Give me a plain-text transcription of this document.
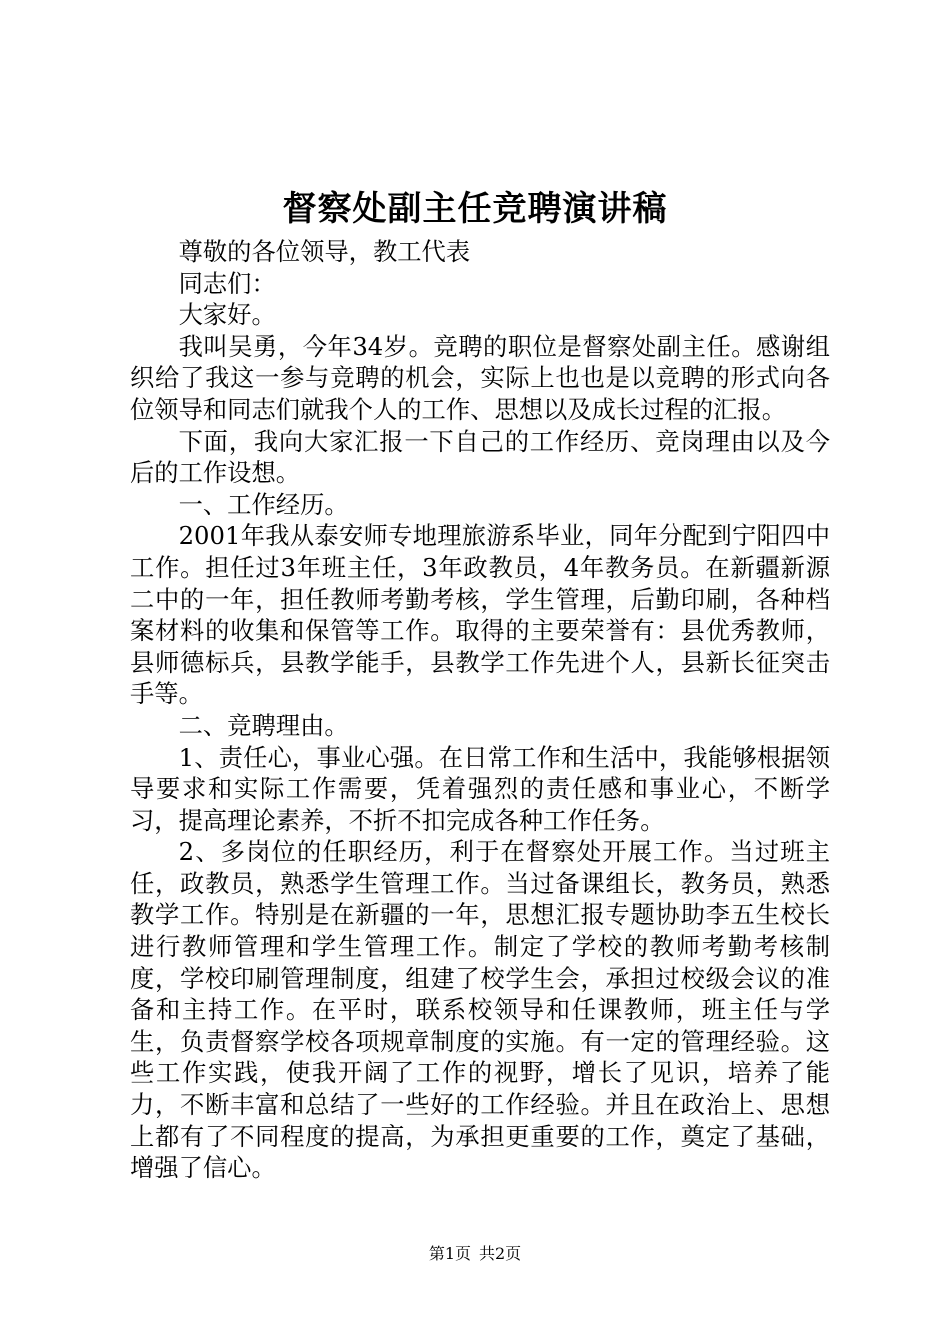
督察处副主任竞聘演讲稿

尊敬的各位领导，教工代表

同志们：

大家好。

我叫吴勇，今年34岁。竞聘的职位是督察处副主任。感谢组织给了我这一参与竞聘的机会，实际上也也是以竞聘的形式向各位领导和同志们就我个人的工作、思想以及成长过程的汇报。

下面，我向大家汇报一下自己的工作经历、竞岗理由以及今后的工作设想。

一、工作经历。

2001年我从泰安师专地理旅游系毕业，同年分配到宁阳四中工作。担任过3年班主任，3年政教员，4年教务员。在新疆新源二中的一年，担任教师考勤考核，学生管理，后勤印刷，各种档案材料的收集和保管等工作。取得的主要荣誉有：县优秀教师，县师德标兵，县教学能手，县教学工作先进个人，县新长征突击手等。

二、竞聘理由。

1、责任心，事业心强。在日常工作和生活中，我能够根据领导要求和实际工作需要，凭着强烈的责任感和事业心，不断学习，提高理论素养，不折不扣完成各种工作任务。

2、多岗位的任职经历，利于在督察处开展工作。当过班主任，政教员，熟悉学生管理工作。当过备课组长，教务员，熟悉教学工作。特别是在新疆的一年，思想汇报专题协助李五生校长进行教师管理和学生管理工作。制定了学校的教师考勤考核制度，学校印刷管理制度，组建了校学生会，承担过校级会议的准备和主持工作。在平时，联系校领导和任课教师，班主任与学生，负责督察学校各项规章制度的实施。有一定的管理经验。这些工作实践，使我开阔了工作的视野，增长了见识，培养了能力，不断丰富和总结了一些好的工作经验。并且在政治上、思想上都有了不同程度的提高，为承担更重要的工作，奠定了基础，增强了信心。

第1页 共2页
